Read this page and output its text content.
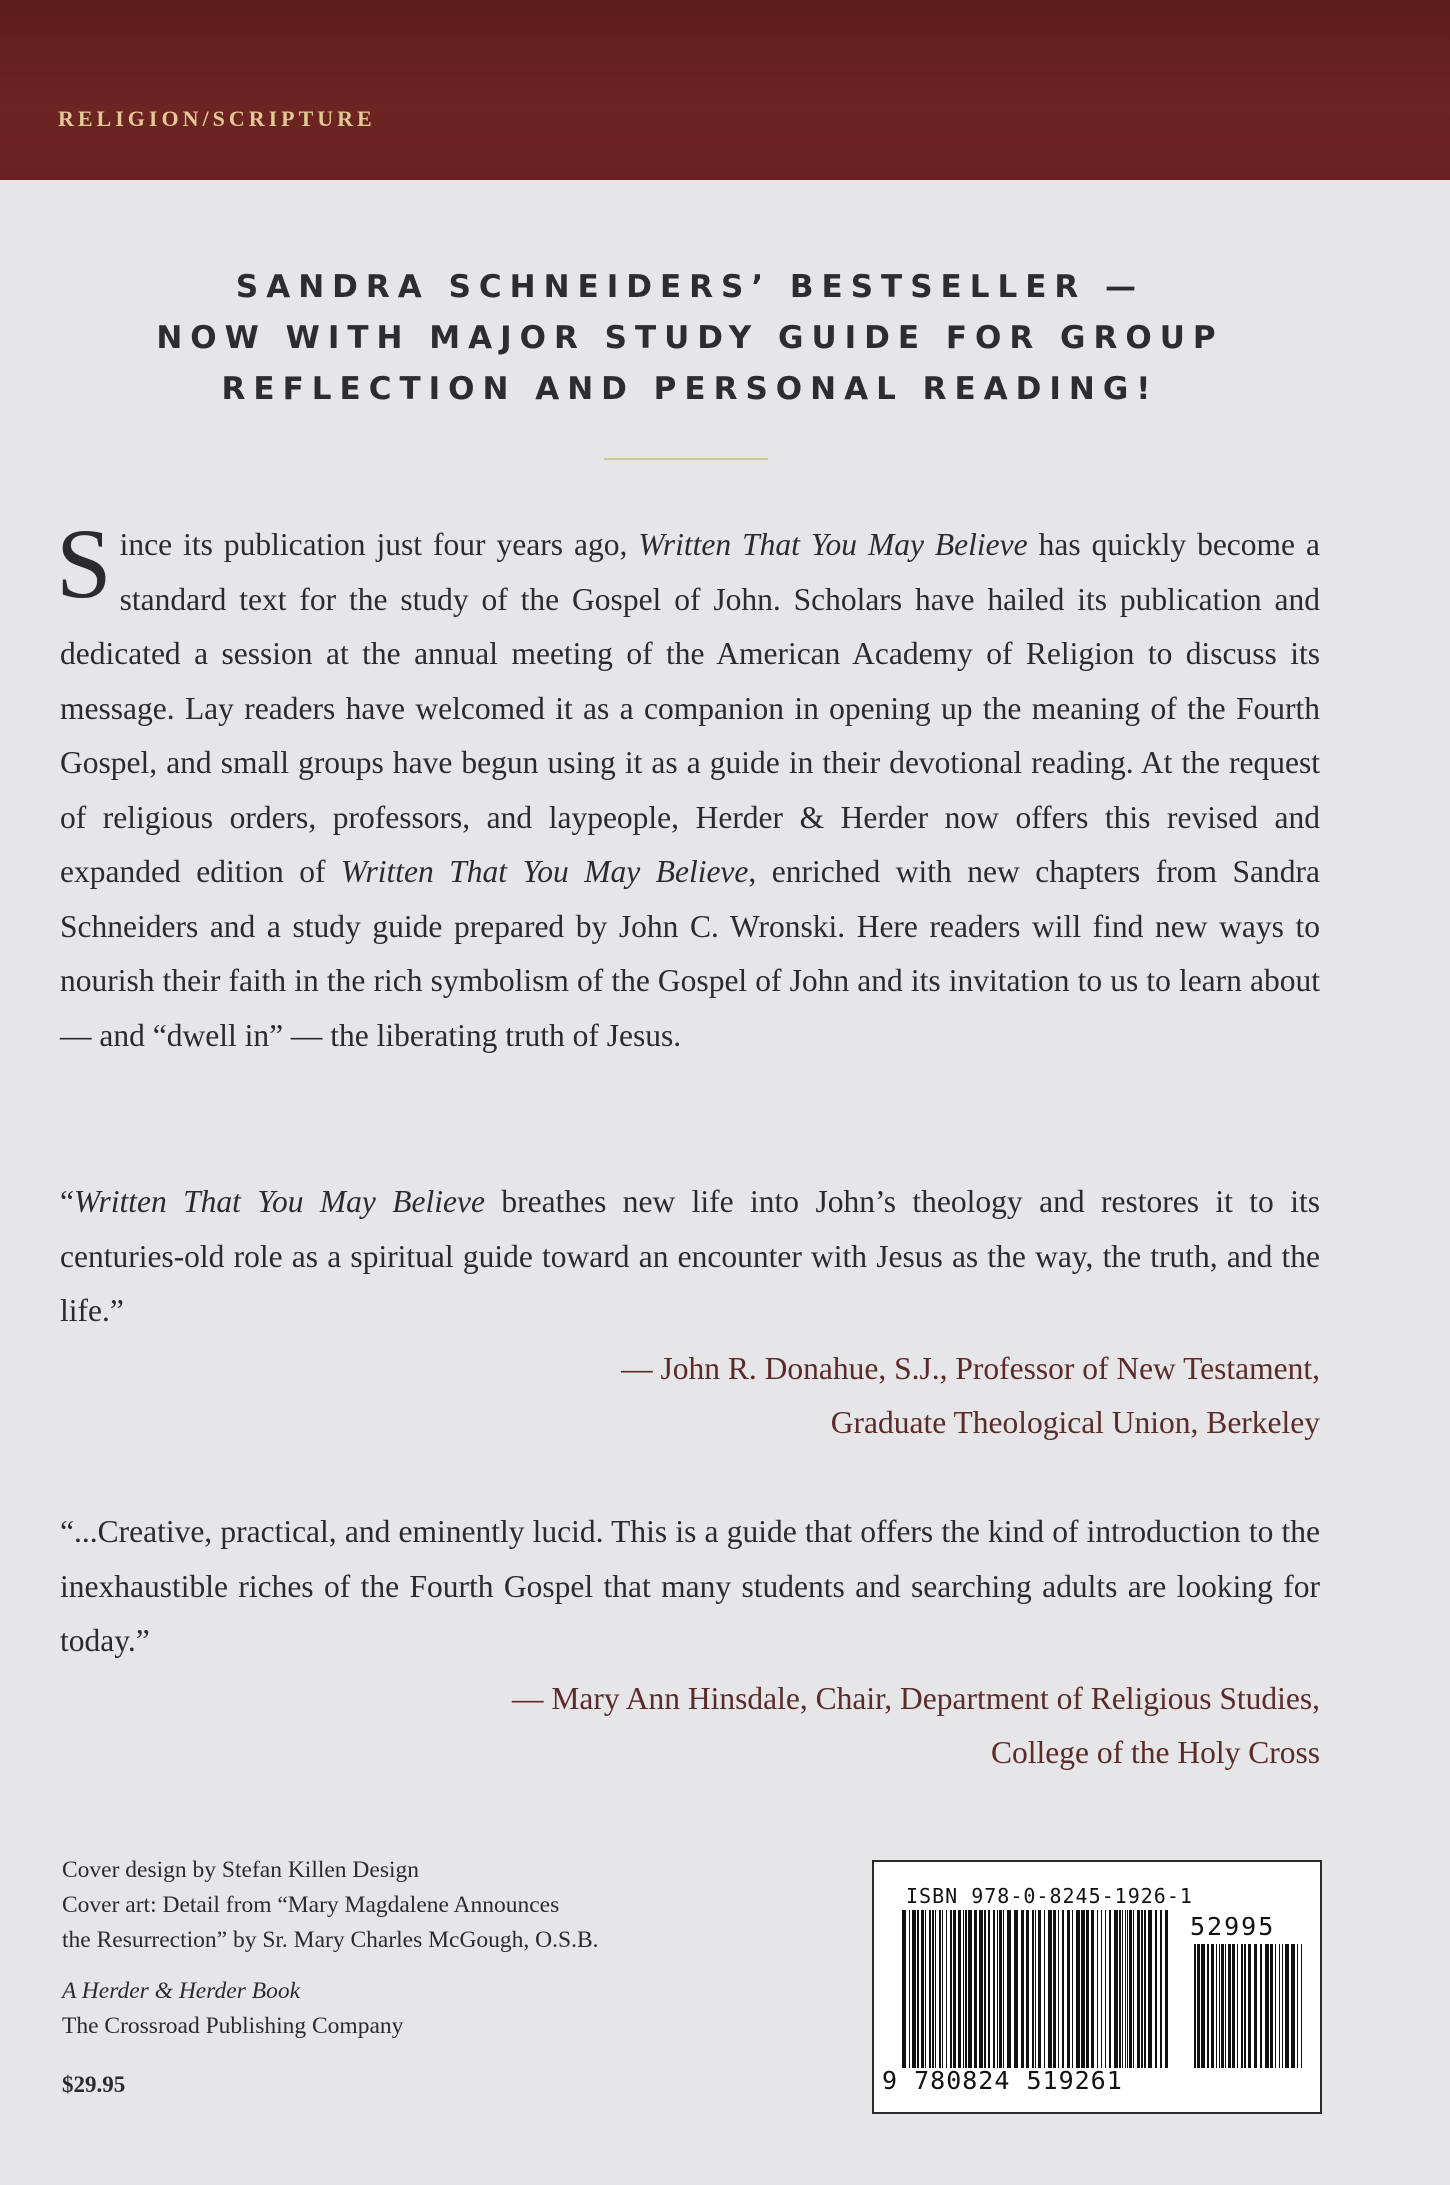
RELIGION/SCRIPTURE
SANDRA SCHNEIDERS’ BESTSELLER —
NOW WITH MAJOR STUDY GUIDE FOR GROUP
REFLECTION AND PERSONAL READING!

Since its publication just four years ago, Written That You May Believe has quickly become a standard text for the study of the Gospel of John. Scholars have hailed its publication and dedicated a session at the annual meeting of the American Academy of Religion to discuss its message. Lay readers have welcomed it as a companion in opening up the meaning of the Fourth Gospel, and small groups have begun using it as a guide in their devotional reading. At the request of religious orders, professors, and laypeople, Herder & Herder now offers this revised and expanded edition of Written That You May Believe, enriched with new chapters from Sandra Schneiders and a study guide prepared by John C. Wronski. Here readers will find new ways to nourish their faith in the rich symbolism of the Gospel of John and its invitation to us to learn about — and “dwell in” — the liberating truth of Jesus.

“Written That You May Believe breathes new life into John’s theology and restores it to its centuries-old role as a spiritual guide toward an encounter with Jesus as the way, the truth, and the life.”

— John R. Donahue, S.J., Professor of New Testament,
Graduate Theological Union, Berkeley

“...Creative, practical, and eminently lucid. This is a guide that offers the kind of introduction to the inexhaustible riches of the Fourth Gospel that many students and searching adults are looking for today.”

— Mary Ann Hinsdale, Chair, Department of Religious Studies,
College of the Holy Cross
Cover design by Stefan Killen Design
Cover art: Detail from “Mary Magdalene Announces
the Resurrection” by Sr. Mary Charles McGough, O.S.B.
A Herder & Herder Book
The Crossroad Publishing Company
$29.95
ISBN 978-0-8245-1926-1
52995
9 780824 519261
